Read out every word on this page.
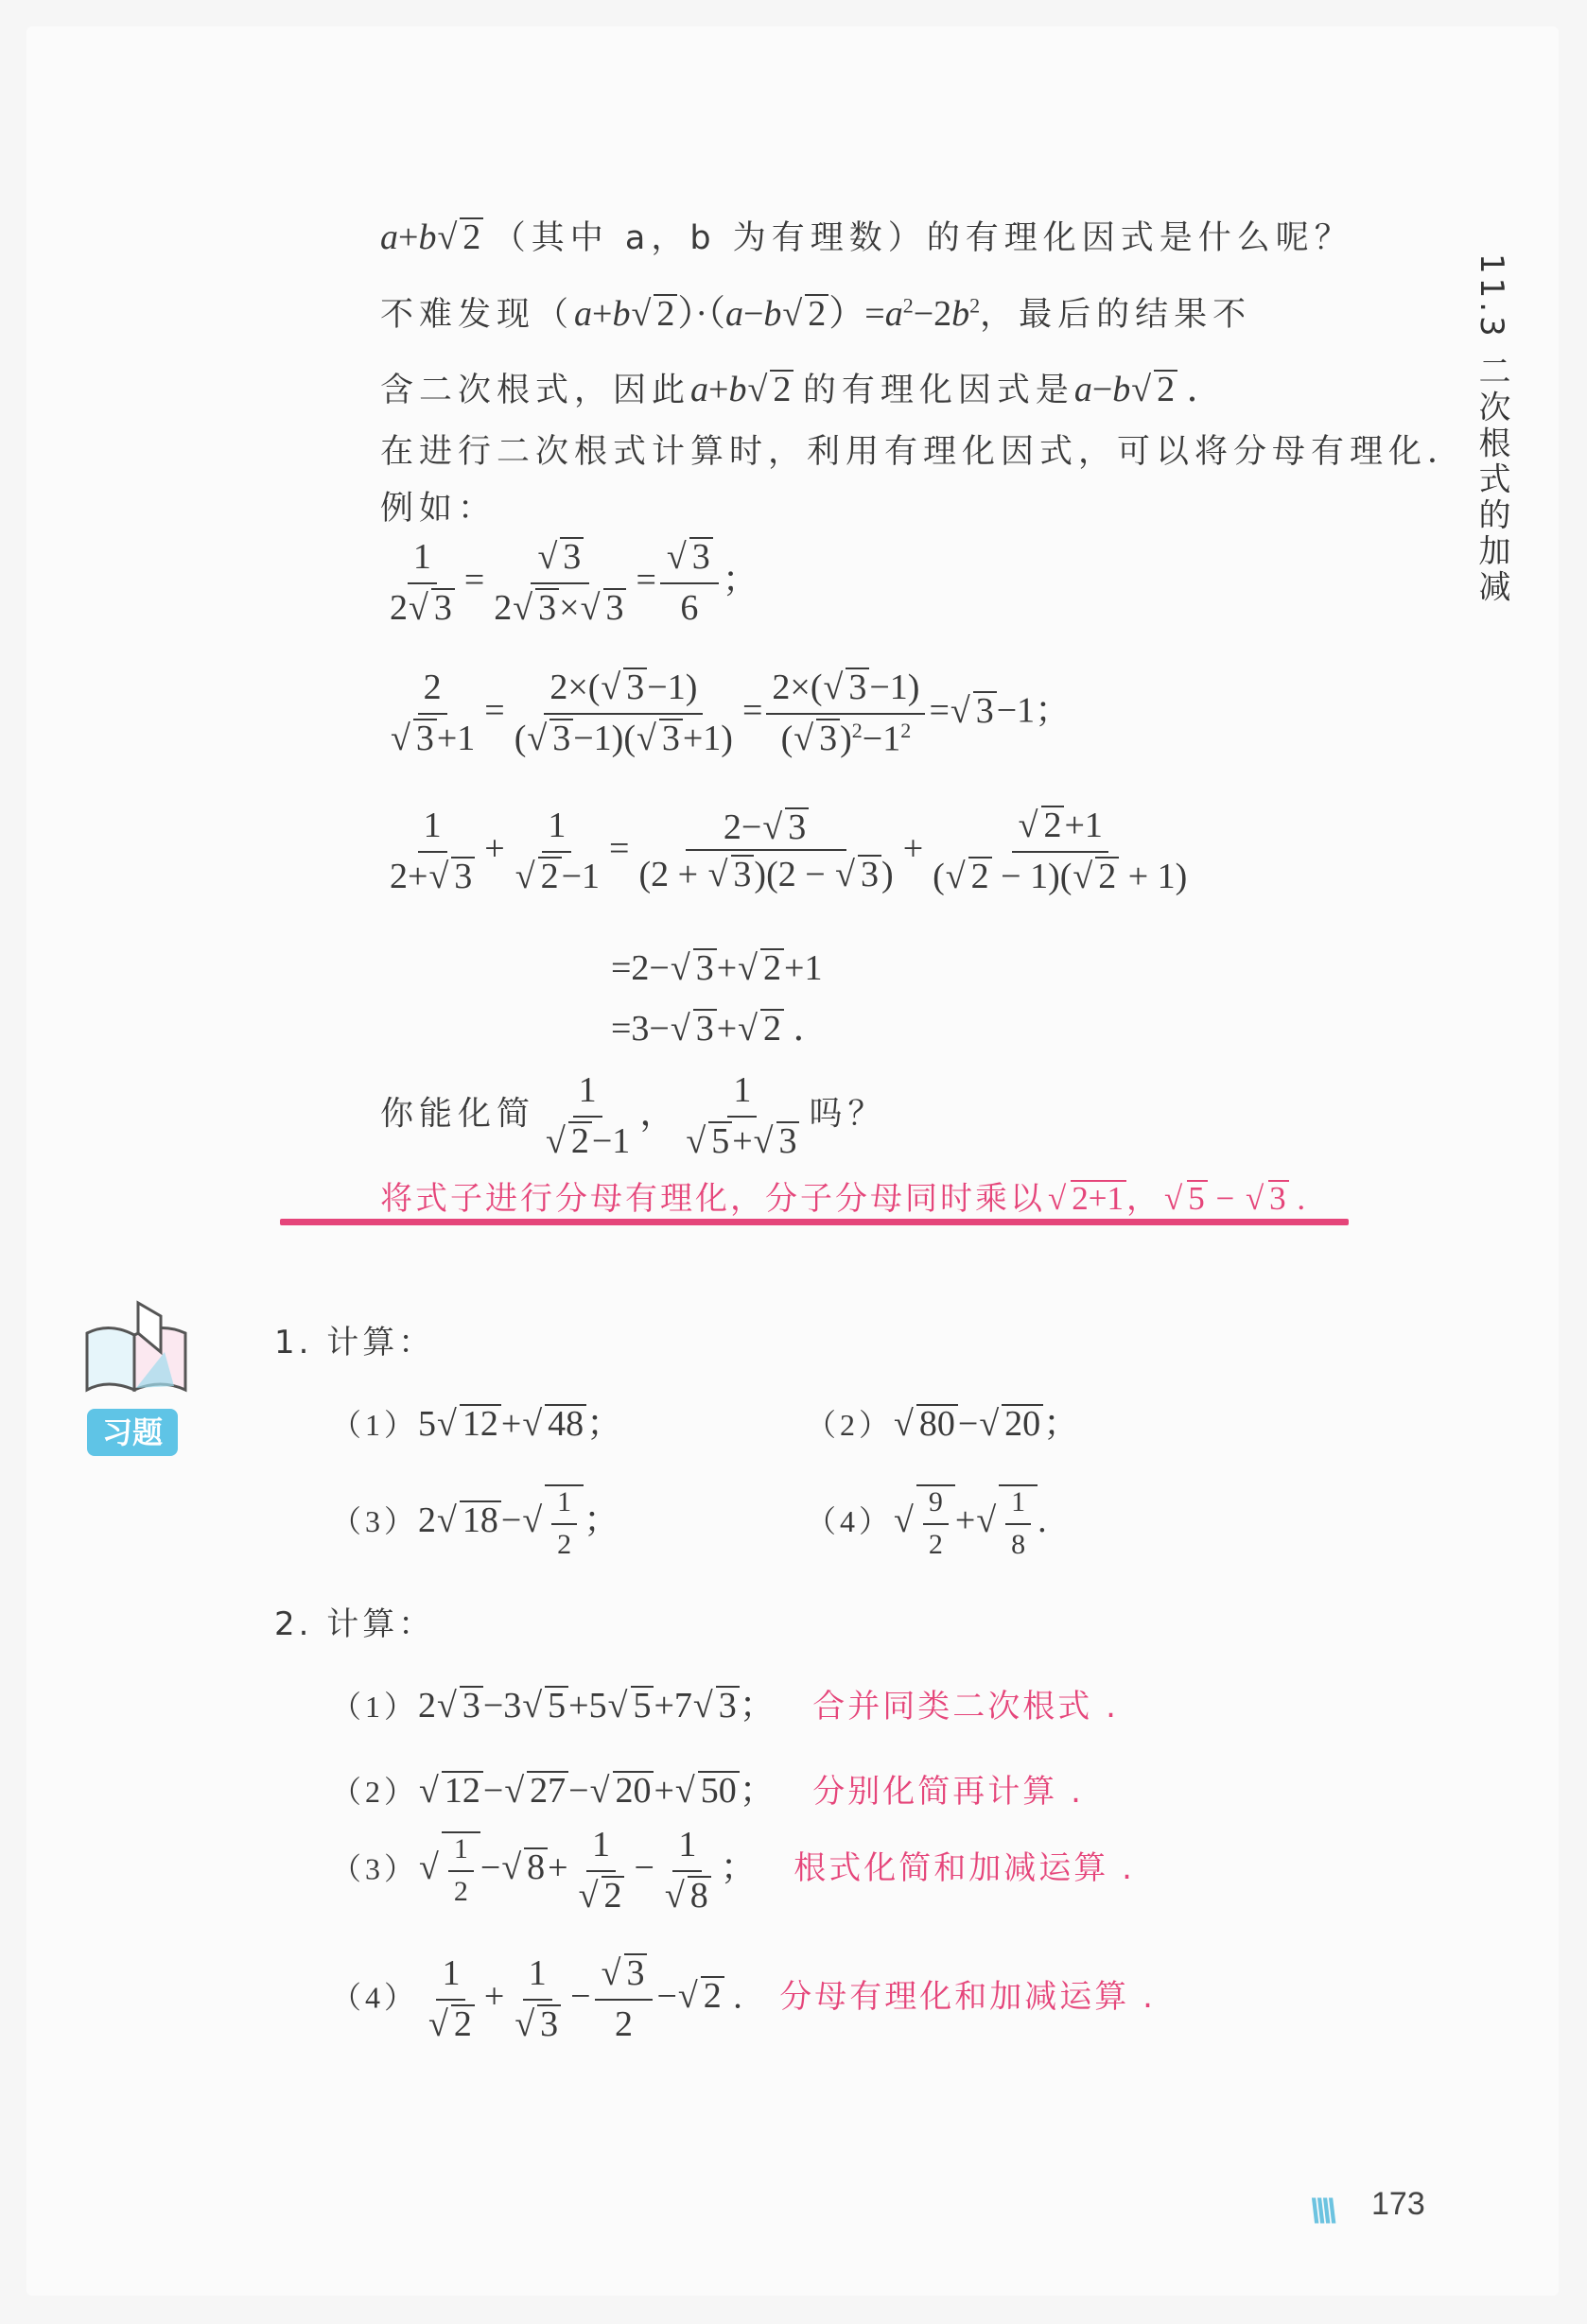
11.3 二次根式的加减
a+b √ 2 （其中 a，b 为有理数）的有理化因式是什么呢？
不难发现（a+b √ 2）·（a−b √ $2)=a^2-2b^2$，最后的结果不
含二次根式，因此a+b √ 2 的有理化因式是a−b √ 2 ．
在进行二次根式计算时，利用有理化因式，可以将分母有理化．
例如：
$\frac{1}{2 √ 3}$ = √ $\frac{3}{2 √ 3\times √ 3}$ = √ $\frac{3}{6}$ ；
2
√ $3+1 = \frac{2\times( √ 3-1)}{( √ 3-1)( √ 3+1)} = \frac{2\times( √ 3-1)}{( √ 3)^2-1^2}$ = √ 3−1；
$\frac{1}{2+ √ 3} + 1$
√ $2-1 = \frac{2- √ 3}{(2 + √ 3)(2 - √ 3)}$ + √ $\frac{2+1}{( √ 2 - 1)( √ 2 + 1)}$
=2− √ 3+ √ 2+1
=3− √ 3+ √ 2 ．
你能化简 1
√ 2−1 ， 1
√ 5+ √ 3 吗？
将式子进行分母有理化，分子分母同时乘以 √ 2+1， √ 5 − √ 3 .
习题
1. 计算：
（1）5 √ 12+ √ 48；	（2） √ 80− √ 20；
（3）2 √ 18− √ $\frac{1}{2}$ ；	（4） √ $\frac{9}{2}$ + √ $\frac{1}{8}$ .
2. 计算：
（1）2 √ 3−3 √ 5+5 √ 5+7 √ 3； 合并同类二次根式 .
（2） √ 12− √ 27− √ 20+ √ 50； 分别化简再计算 .
（3） √ $\frac{1}{2}$ − √ 8+ 1
√ 2 − 1
√ 8 ； 根式化简和加减运算 .
（4） 1
√ 2 + 1
√ 3 − √ $\frac{3}{2}$ − √ 2 . 分母有理化和加减运算 .
\\\\ 173
